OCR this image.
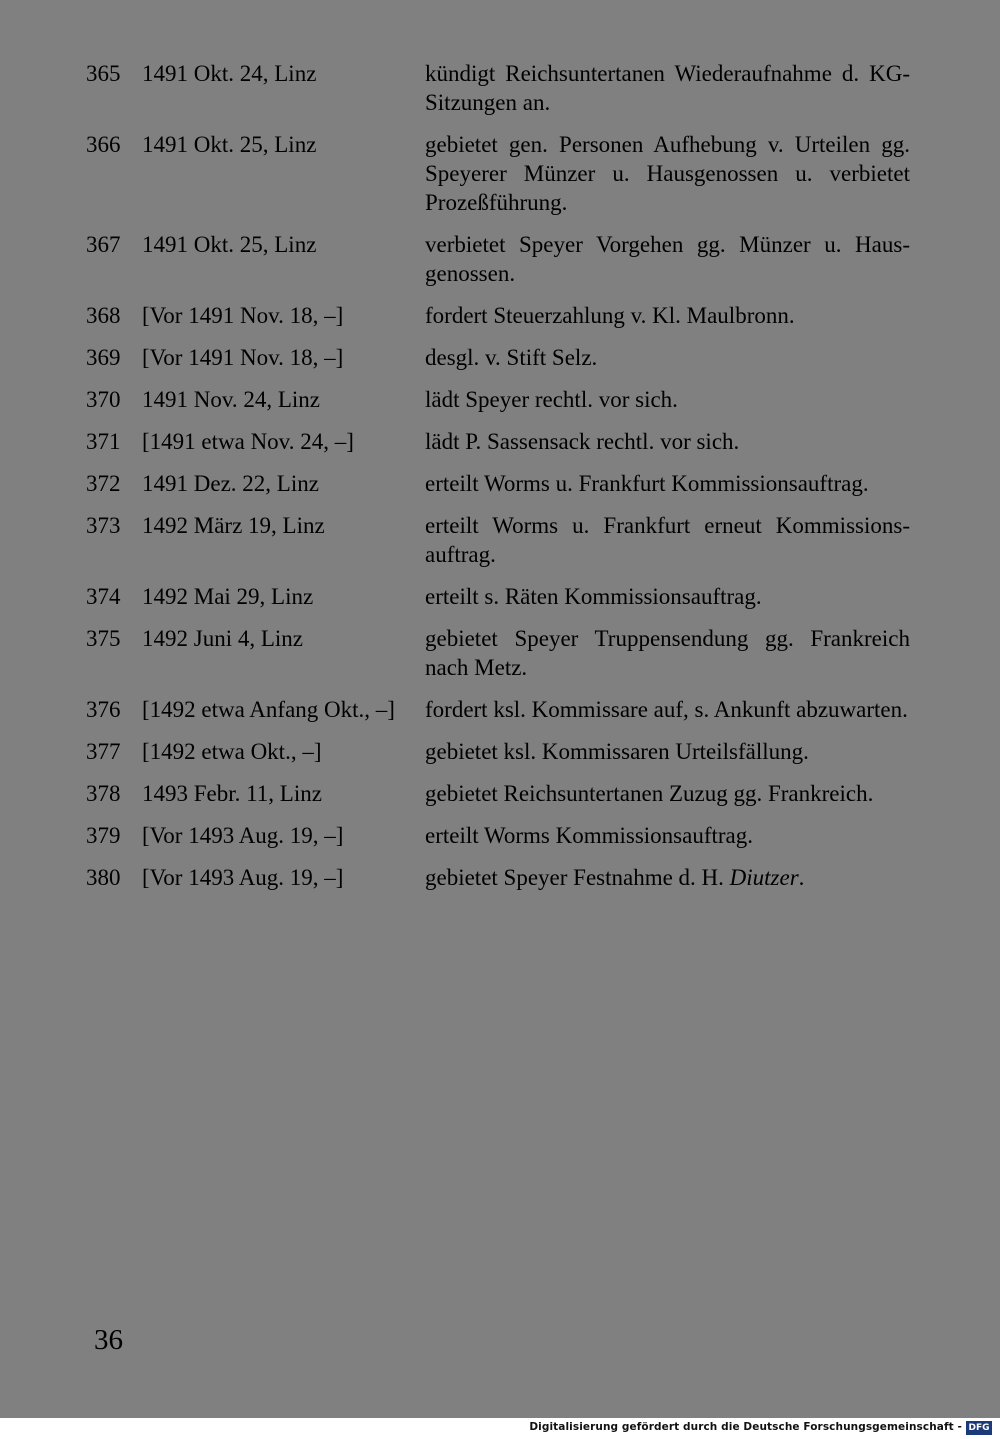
365 1491 Okt. 24, Linz	kündigt Reichsuntertanen Wiederaufnahme d. KG-Sitzungen an.
366 1491 Okt. 25, Linz	gebietet gen. Personen Aufhebung v. Urteilen gg. Speyerer Münzer u. Hausgenossen u. verbietet Prozeßführung.
367 1491 Okt. 25, Linz	verbietet Speyer Vorgehen gg. Münzer u. Hausgenossen.
368 [Vor 1491 Nov. 18, –]	fordert Steuerzahlung v. Kl. Maulbronn.
369 [Vor 1491 Nov. 18, –]	desgl. v. Stift Selz.
370 1491 Nov. 24, Linz	lädt Speyer rechtl. vor sich.
371 [1491 etwa Nov. 24, –]	lädt P. Sassensack rechtl. vor sich.
372 1491 Dez. 22, Linz	erteilt Worms u. Frankfurt Kommissionsauftrag.
373 1492 März 19, Linz	erteilt Worms u. Frankfurt erneut Kommissionsauftrag.
374 1492 Mai 29, Linz	erteilt s. Räten Kommissionsauftrag.
375 1492 Juni 4, Linz	gebietet Speyer Truppensendung gg. Frankreich nach Metz.
376 [1492 etwa Anfang Okt., –]	fordert ksl. Kommissare auf, s. Ankunft abzuwarten.
377 [1492 etwa Okt., –]	gebietet ksl. Kommissaren Urteilsfällung.
378 1493 Febr. 11, Linz	gebietet Reichsuntertanen Zuzug gg. Frankreich.
379 [Vor 1493 Aug. 19, –]	erteilt Worms Kommissionsauftrag.
380 [Vor 1493 Aug. 19, –]	gebietet Speyer Festnahme d. H. Diutzer.
36
Digitalisierung gefördert durch die Deutsche Forschungsgemeinschaft - DFG
